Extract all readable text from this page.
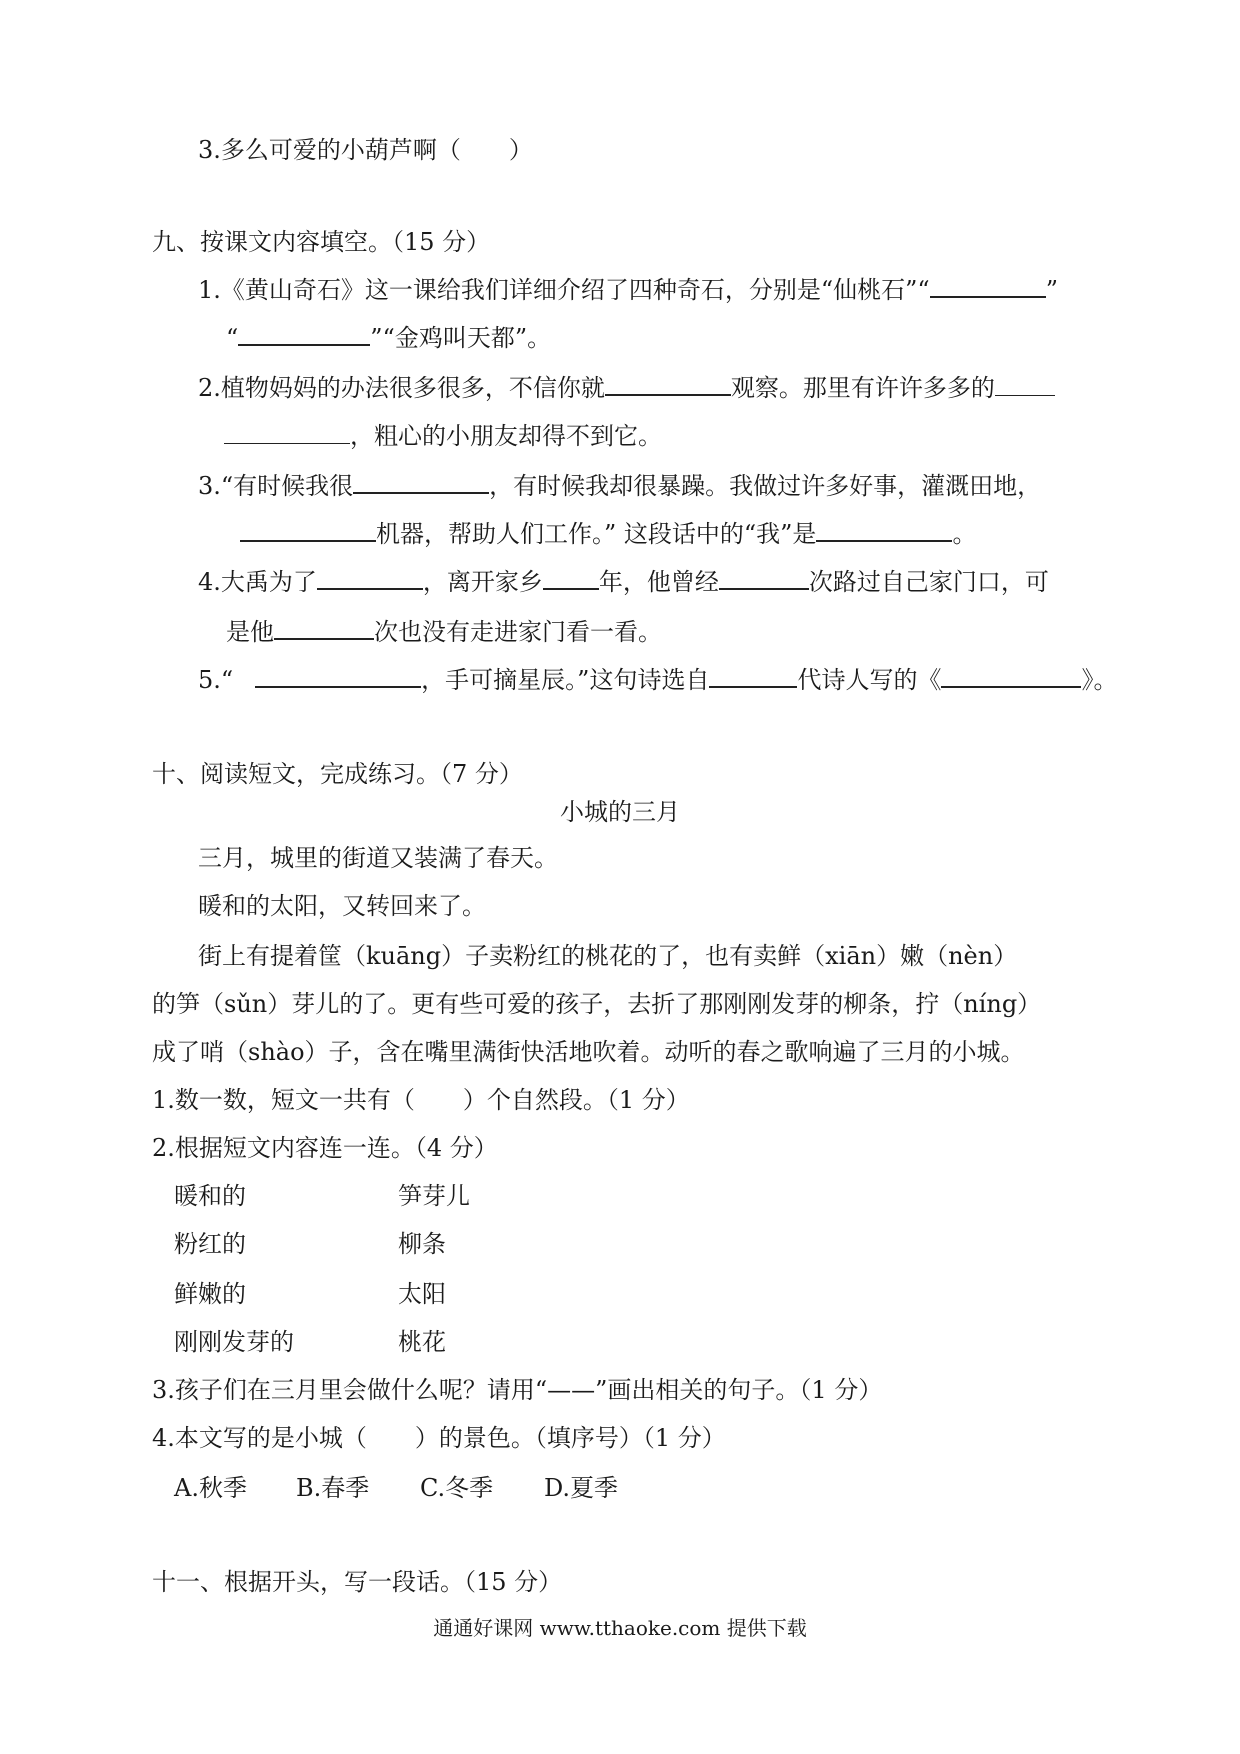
3.多么可爱的小葫芦啊（　　）
九、按课文内容填空。（15 分）
1.《黄山奇石》这一课给我们详细介绍了四种奇石，分别是“仙桃石”“	”
“	”“金鸡叫天都”。
2.植物妈妈的办法很多很多，不信你就	观察。那里有许许多多的
，粗心的小朋友却得不到它。
3.“有时候我很	，有时候我却很暴躁。我做过许多好事，灌溉田地，
机器，帮助人们工作。” 这段话中的“我”是	。
4.大禹为了	，离开家乡 年，他曾经	次路过自己家门口，可
是他	次也没有走进家门看一看。
5.“	，手可摘星辰。”这句诗选自	代诗人写的《	》。
十、阅读短文，完成练习。（7 分）
小城的三月
三月，城里的街道又装满了春天。
暖和的太阳，又转回来了。
街上有提着筐（kuāng）子卖粉红的桃花的了，也有卖鲜（xiān）嫩（nèn）
的笋（sǔn）芽儿的了。更有些可爱的孩子，去折了那刚刚发芽的柳条，拧（níng）
成了哨（shào）子，含在嘴里满街快活地吹着。动听的春之歌响遍了三月的小城。
1.数一数，短文一共有（　　）个自然段。（1 分）
2.根据短文内容连一连。（4 分）
暖和的	笋芽儿
粉红的	柳条
鲜嫩的	太阳
刚刚发芽的	桃花
3.孩子们在三月里会做什么呢？请用“——”画出相关的句子。（1 分）
4.本文写的是小城（　　）的景色。（填序号）（1 分）
A.秋季 B.春季 C.冬季 D.夏季
十一、根据开头，写一段话。（15 分）
通通好课网 www.tthaoke.com 提供下载
